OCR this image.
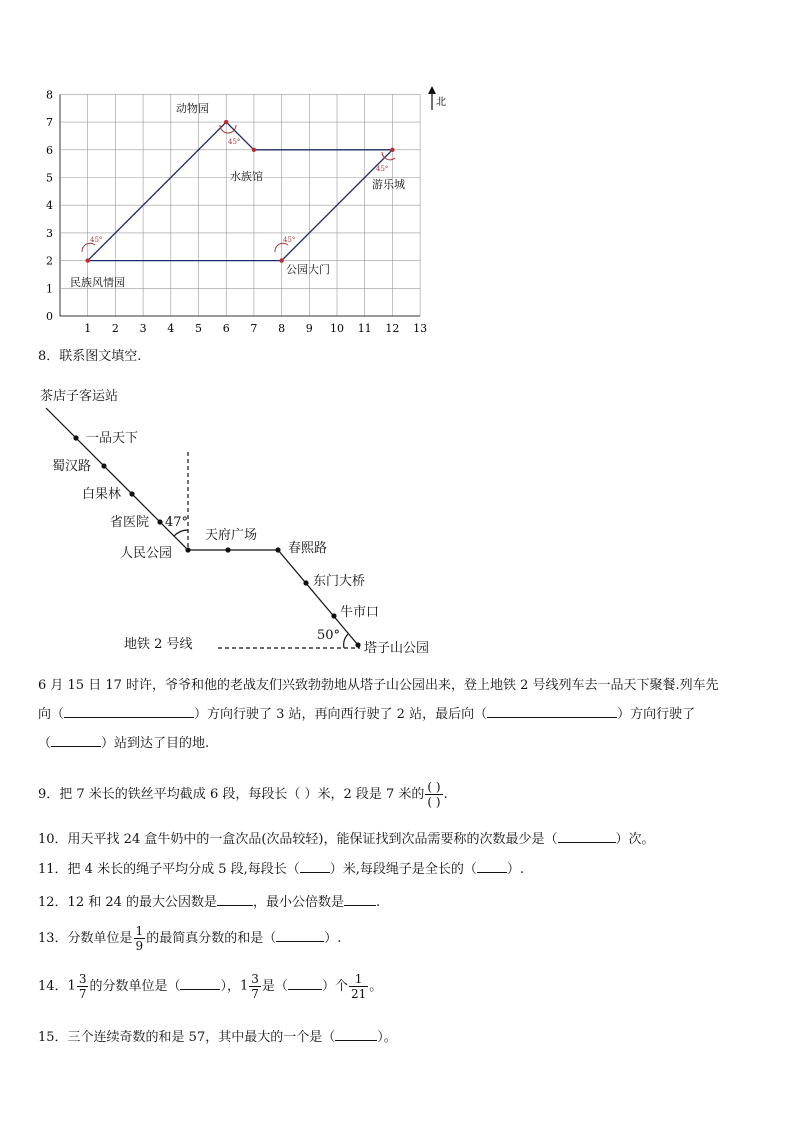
0
1
2
3
4
5
6
7
8
1 2 3 4 5 6 7 8 9 10 11 12 13
北
45°
45°
45°
45°
动物园
水族馆
游乐城
民族风情园
公园大门
8．联系图文填空.
茶店子客运站
一品天下
蜀汉路
白果林
省医院
人民公园
天府广场
春熙路
东门大桥
牛市口
塔子山公园
47°
50°
地铁 2 号线
6 月 15 日 17 时许，爷爷和他的老战友们兴致勃勃地从塔子山公园出来，登上地铁 2 号线列车去一品天下聚餐.列车先
向（	）方向行驶了 3 站，再向西行驶了 2 站，最后向（	）方向行驶了
（	）站到达了目的地.
9．把 7 米长的铁丝平均截成 6 段，每段长（ ）米，2 段是 7 米的 $\frac{( )}{( )}$ .
10．用天平找 24 盒牛奶中的一盒次品(次品较轻)，能保证找到次品需要称的次数最少是（	）次。
11．把 4 米长的绳子平均分成 5 段,每段长（ ）米,每段绳子是全长的（ ）.
12．12 和 24 的最大公因数是	，最小公倍数是 .
13．分数单位是 $\frac{1}{9}$ 的最简真分数的和是（	）.
14．$1 \frac{3}{7}$ 的分数单位是（	），$1 \frac{3}{7}$ 是（	）个 $\frac{1}{21}$ 。
15．三个连续奇数的和是 57，其中最大的一个是（	）。
